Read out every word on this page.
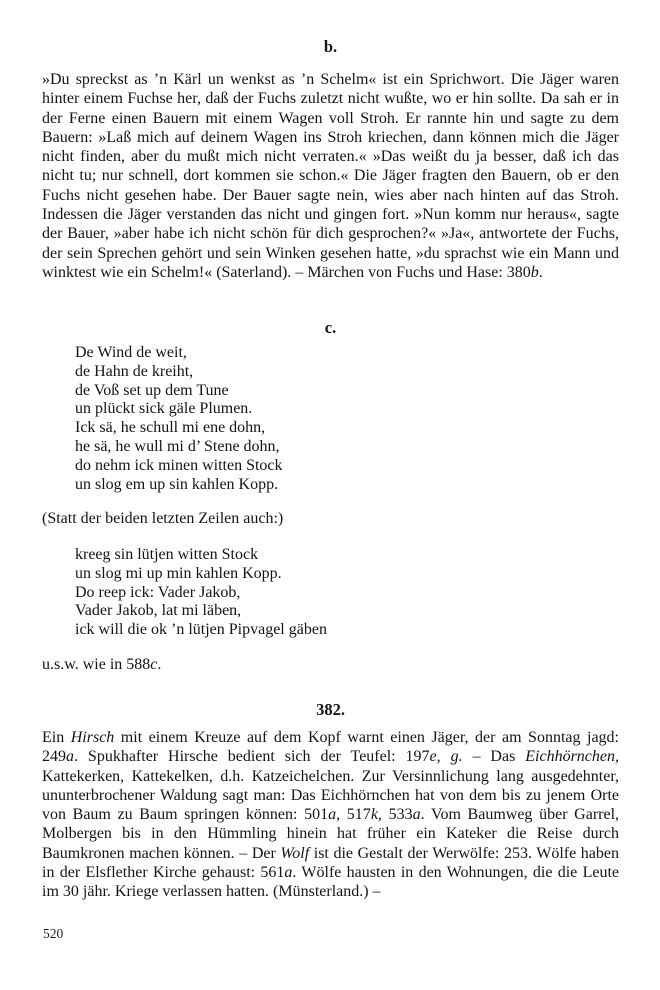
b.
»Du spreckst as ’n Kärl un wenkst as ’n Schelm« ist ein Sprichwort. Die Jäger waren hinter einem Fuchse her, daß der Fuchs zuletzt nicht wußte, wo er hin sollte. Da sah er in der Ferne einen Bauern mit einem Wagen voll Stroh. Er rannte hin und sagte zu dem Bauern: »Laß mich auf deinem Wagen ins Stroh kriechen, dann können mich die Jäger nicht finden, aber du mußt mich nicht verraten.« »Das weißt du ja besser, daß ich das nicht tu; nur schnell, dort kommen sie schon.« Die Jäger fragten den Bauern, ob er den Fuchs nicht gesehen habe. Der Bauer sagte nein, wies aber nach hinten auf das Stroh. Indessen die Jäger verstanden das nicht und gingen fort. »Nun komm nur heraus«, sagte der Bauer, »aber habe ich nicht schön für dich gesprochen?« »Ja«, antwortete der Fuchs, der sein Sprechen gehört und sein Winken gesehen hatte, »du sprachst wie ein Mann und winktest wie ein Schelm!« (Saterland). – Märchen von Fuchs und Hase: 380b.
c.
De Wind de weit,
de Hahn de kreiht,
de Voß set up dem Tune
un plückt sick gäle Plumen.
Ick sä, he schull mi ene dohn,
he sä, he wull mi d’ Stene dohn,
do nehm ick minen witten Stock
un slog em up sin kahlen Kopp.
(Statt der beiden letzten Zeilen auch:)
kreeg sin lütjen witten Stock
un slog mi up min kahlen Kopp.
Do reep ick: Vader Jakob,
Vader Jakob, lat mi läben,
ick will die ok ’n lütjen Pipvagel gäben
u.s.w. wie in 588c.
382.
Ein Hirsch mit einem Kreuze auf dem Kopf warnt einen Jäger, der am Sonntag jagd: 249a. Spukhafter Hirsche bedient sich der Teufel: 197e, g. – Das Eichhörnchen, Kattekerken, Kattekelken, d.h. Katzeichelchen. Zur Versinnlichung lang ausgedehnter, ununterbrochener Waldung sagt man: Das Eichhörnchen hat von dem bis zu jenem Orte von Baum zu Baum springen können: 501a, 517k, 533a. Vom Baumweg über Garrel, Molbergen bis in den Hümmling hinein hat früher ein Kateker die Reise durch Baumkronen machen können. – Der Wolf ist die Gestalt der Werwölfe: 253. Wölfe haben in der Elsflether Kirche gehaust: 561a. Wölfe hausten in den Wohnungen, die die Leute im 30 jähr. Kriege verlassen hatten. (Münsterland.) –
520
